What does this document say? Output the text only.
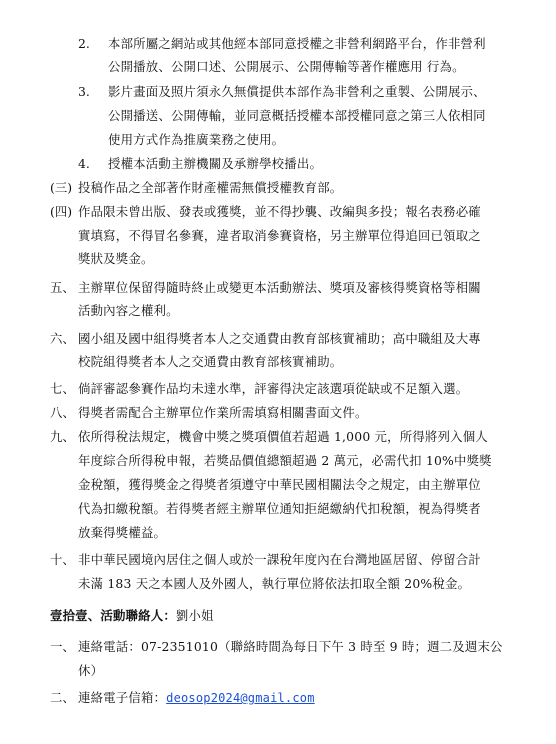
2. 本部所屬之網站或其他經本部同意授權之非營利網路平台，作非營利
公開播放、公開口述、公開展示、公開傳輸等著作權應用 行為。
3. 影片畫面及照片須永久無償提供本部作為非營利之重製、公開展示、
公開播送、公開傳輸，並同意概括授權本部授權同意之第三人依相同
使用方式作為推廣業務之使用。
4. 授權本活動主辦機關及承辦學校播出。
(三) 投稿作品之全部著作財產權需無償授權教育部。
(四) 作品限未曾出版、發表或獲獎，並不得抄襲、改編與多投；報名表務必確
實填寫，不得冒名參賽，違者取消參賽資格，另主辦單位得追回已領取之
獎狀及獎金。
五、 主辦單位保留得隨時終止或變更本活動辦法、獎項及審核得獎資格等相關
活動內容之權利。
六、 國小組及國中組得獎者本人之交通費由教育部核實補助；高中職組及大專
校院組得獎者本人之交通費由教育部核實補助。
七、 倘評審認參賽作品均未達水準，評審得決定該選項從缺或不足額入選。
八、 得獎者需配合主辦單位作業所需填寫相關書面文件。
九、 依所得稅法規定，機會中獎之獎項價值若超過 1,000 元，所得將列入個人
年度綜合所得稅申報，若獎品價值總額超過 2 萬元，必需代扣 10%中獎獎
金稅額，獲得獎金之得獎者須遵守中華民國相關法令之規定，由主辦單位
代為扣繳稅額。若得獎者經主辦單位通知拒絕繳納代扣稅額，視為得獎者
放棄得獎權益。
十、 非中華民國境內居住之個人或於一課稅年度內在台灣地區居留、停留合計
未滿 183 天之本國人及外國人，執行單位將依法扣取全額 20%稅金。
壹拾壹、活動聯絡人：劉小姐
一、 連絡電話：07-2351010（聯絡時間為每日下午 3 時至 9 時；週二及週末公
休）
二、 連絡電子信箱：deosop2024@gmail.com
